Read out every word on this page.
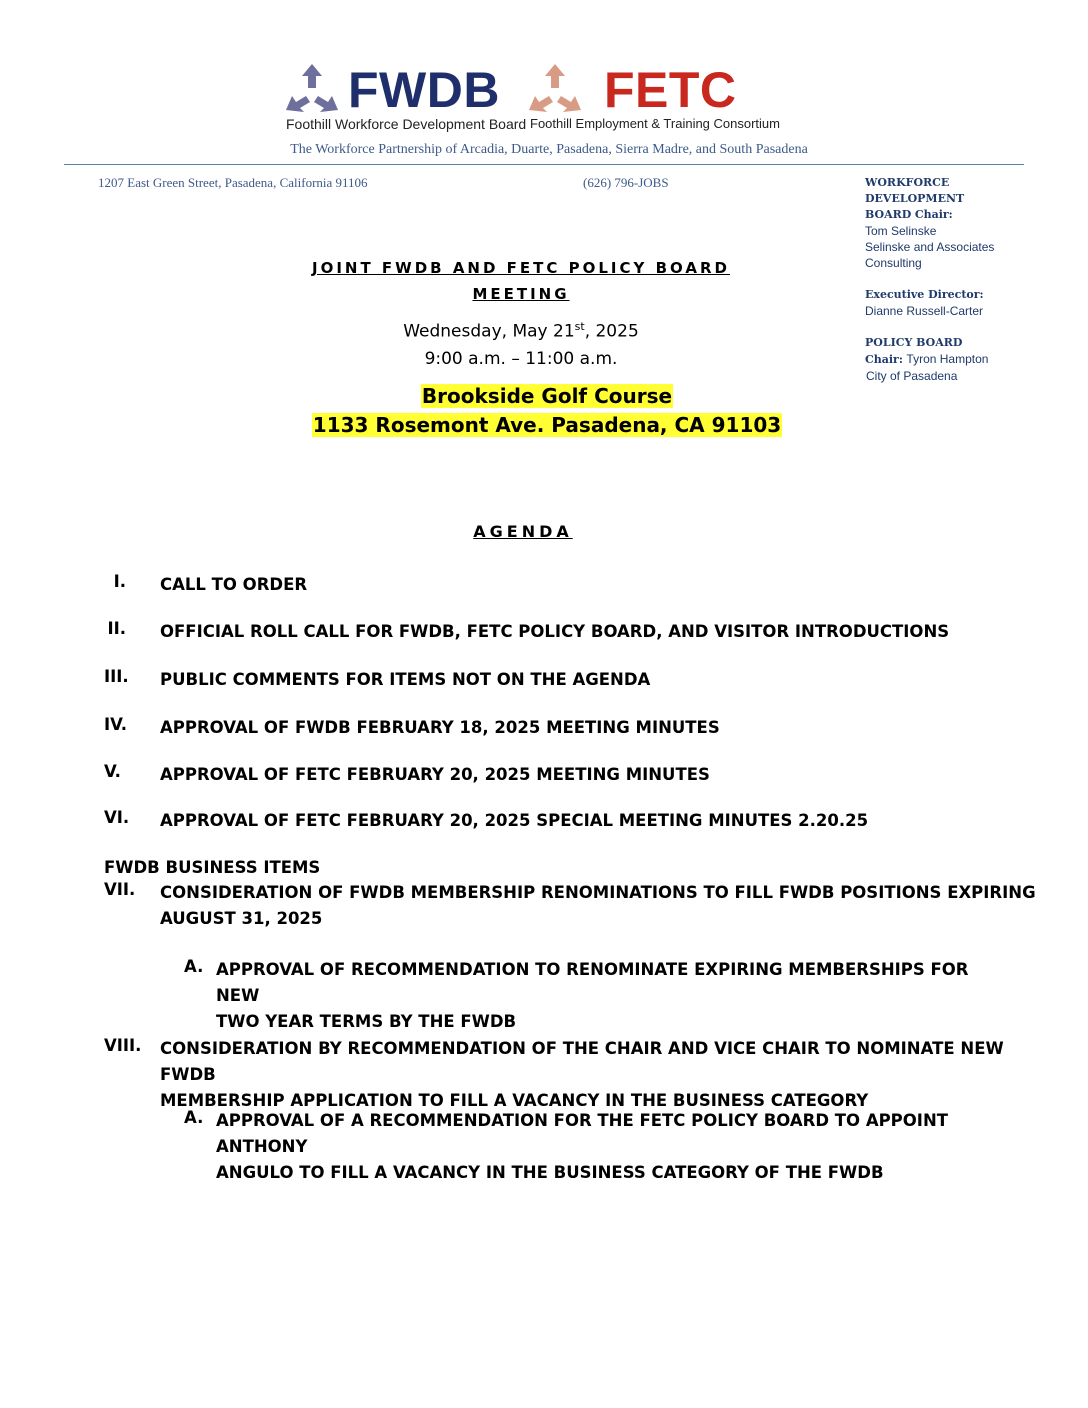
FWDB FETC
Foothill Workforce Development Board Foothill Employment & Training Consortium
The Workforce Partnership of Arcadia, Duarte, Pasadena, Sierra Madre, and South Pasadena
1207 East Green Street, Pasadena, California 91106	(626) 796-JOBS	WORKFORCE
DEVELOPMENT
BOARD Chair:
Tom Selinske
Selinske and Associates
Consulting
Executive Director:
Dianne Russell-Carter
POLICY BOARD
Chair: Tyron Hampton
City of Pasadena
JOINT FWDB AND FETC POLICY BOARD
MEETING
Wednesday, May 21st, 2025
9:00 a.m. – 11:00 a.m.
Brookside Golf Course
1133 Rosemont Ave. Pasadena, CA 91103
AGENDA
I. CALL TO ORDER
II. OFFICIAL ROLL CALL FOR FWDB, FETC POLICY BOARD, AND VISITOR INTRODUCTIONS
III. PUBLIC COMMENTS FOR ITEMS NOT ON THE AGENDA
IV. APPROVAL OF FWDB FEBRUARY 18, 2025 MEETING MINUTES
V.	APPROVAL OF FETC FEBRUARY 20, 2025 MEETING MINUTES
VI. APPROVAL OF FETC FEBRUARY 20, 2025 SPECIAL MEETING MINUTES 2.20.25
FWDB BUSINESS ITEMS
VII. CONSIDERATION OF FWDB MEMBERSHIP RENOMINATIONS TO FILL FWDB POSITIONS EXPIRING
AUGUST 31, 2025
A. APPROVAL OF RECOMMENDATION TO RENOMINATE EXPIRING MEMBERSHIPS FOR NEW
TWO YEAR TERMS BY THE FWDB
VIII. CONSIDERATION BY RECOMMENDATION OF THE CHAIR AND VICE CHAIR TO NOMINATE NEW FWDB
MEMBERSHIP APPLICATION TO FILL A VACANCY IN THE BUSINESS CATEGORY
A. APPROVAL OF A RECOMMENDATION FOR THE FETC POLICY BOARD TO APPOINT ANTHONY
ANGULO TO FILL A VACANCY IN THE BUSINESS CATEGORY OF THE FWDB
